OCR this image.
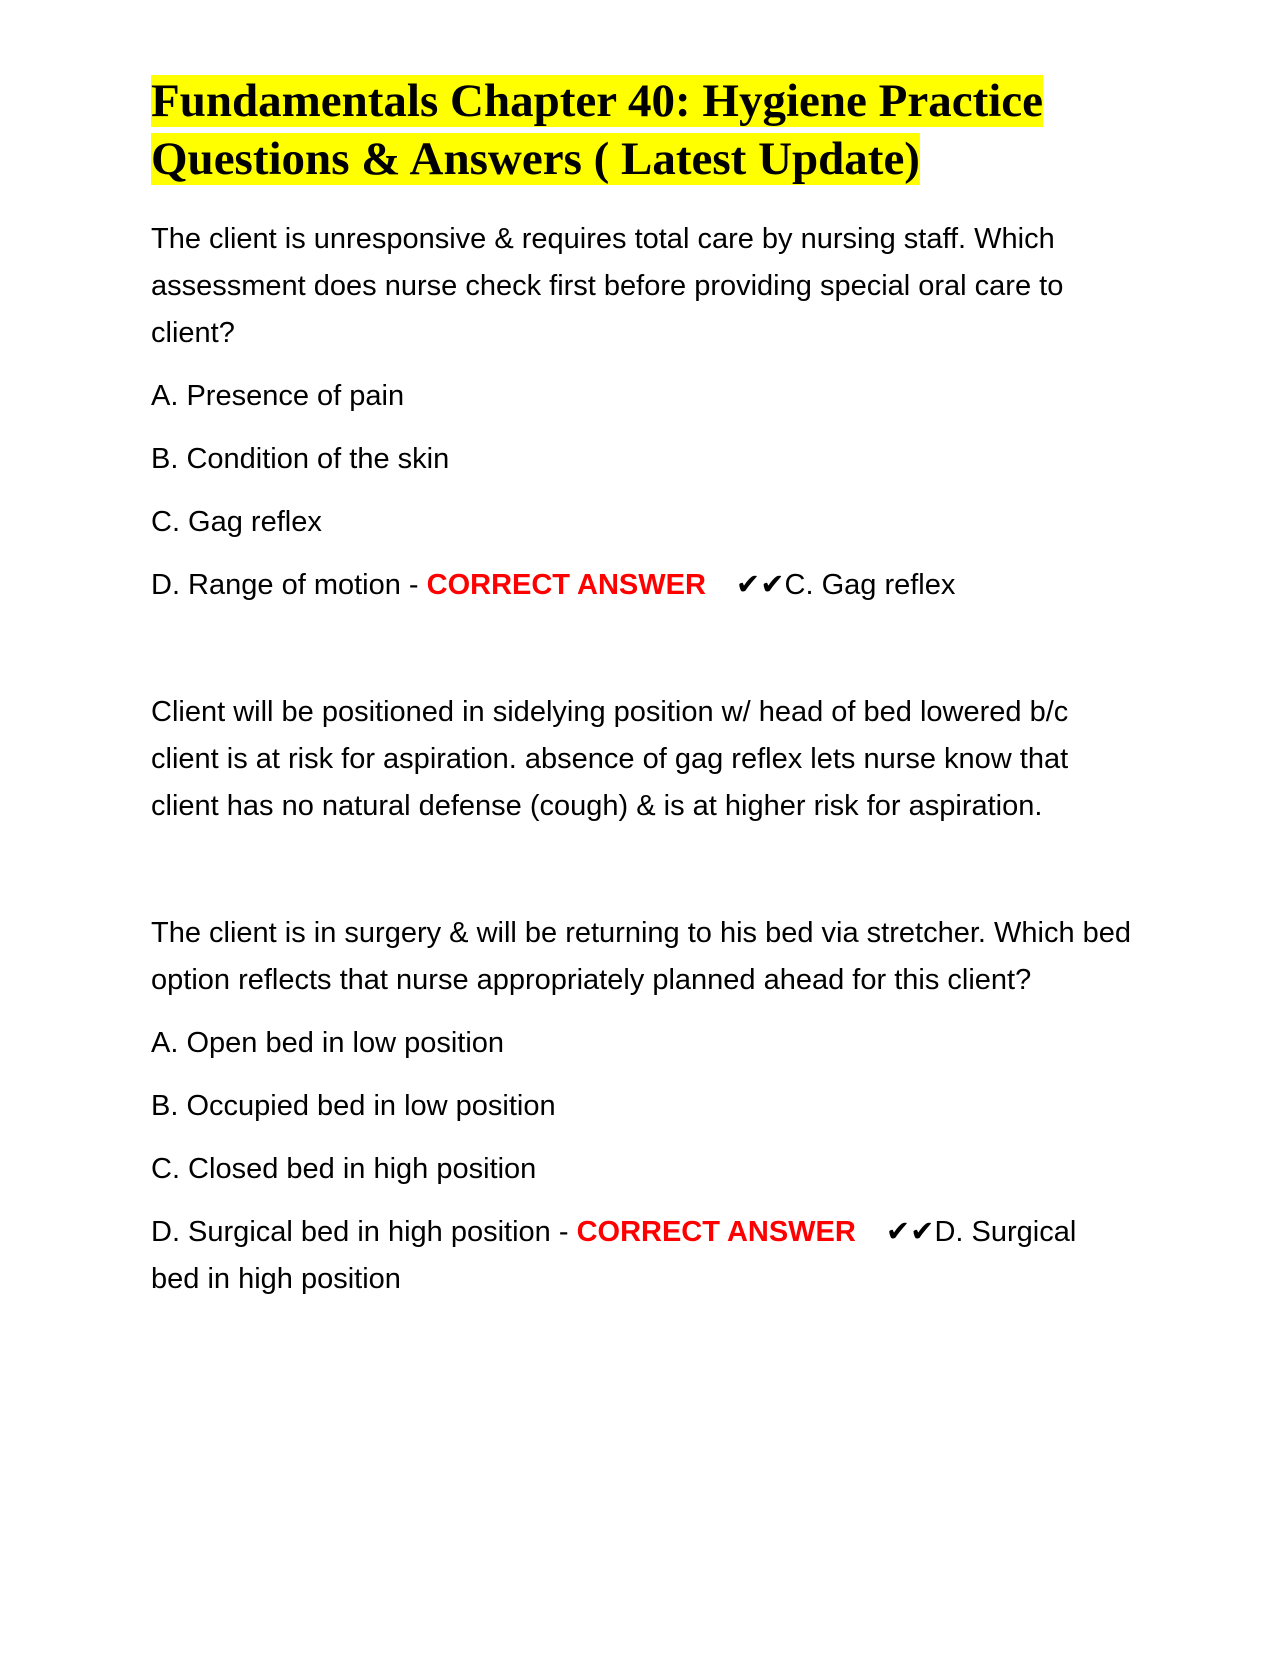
Fundamentals Chapter 40: Hygiene Practice
Questions & Answers ( Latest Update)

The client is unresponsive & requires total care by nursing staff. Which assessment does nurse check first before providing special oral care to client?

A. Presence of pain

B. Condition of the skin

C. Gag reflex

D. Range of motion - CORRECT ANSWER ✔✔C. Gag reflex

Client will be positioned in sidelying position w/ head of bed lowered b/c client is at risk for aspiration. absence of gag reflex lets nurse know that client has no natural defense (cough) & is at higher risk for aspiration.

The client is in surgery & will be returning to his bed via stretcher. Which bed option reflects that nurse appropriately planned ahead for this client?

A. Open bed in low position

B. Occupied bed in low position

C. Closed bed in high position

D. Surgical bed in high position - CORRECT ANSWER ✔✔D. Surgical bed in high position
